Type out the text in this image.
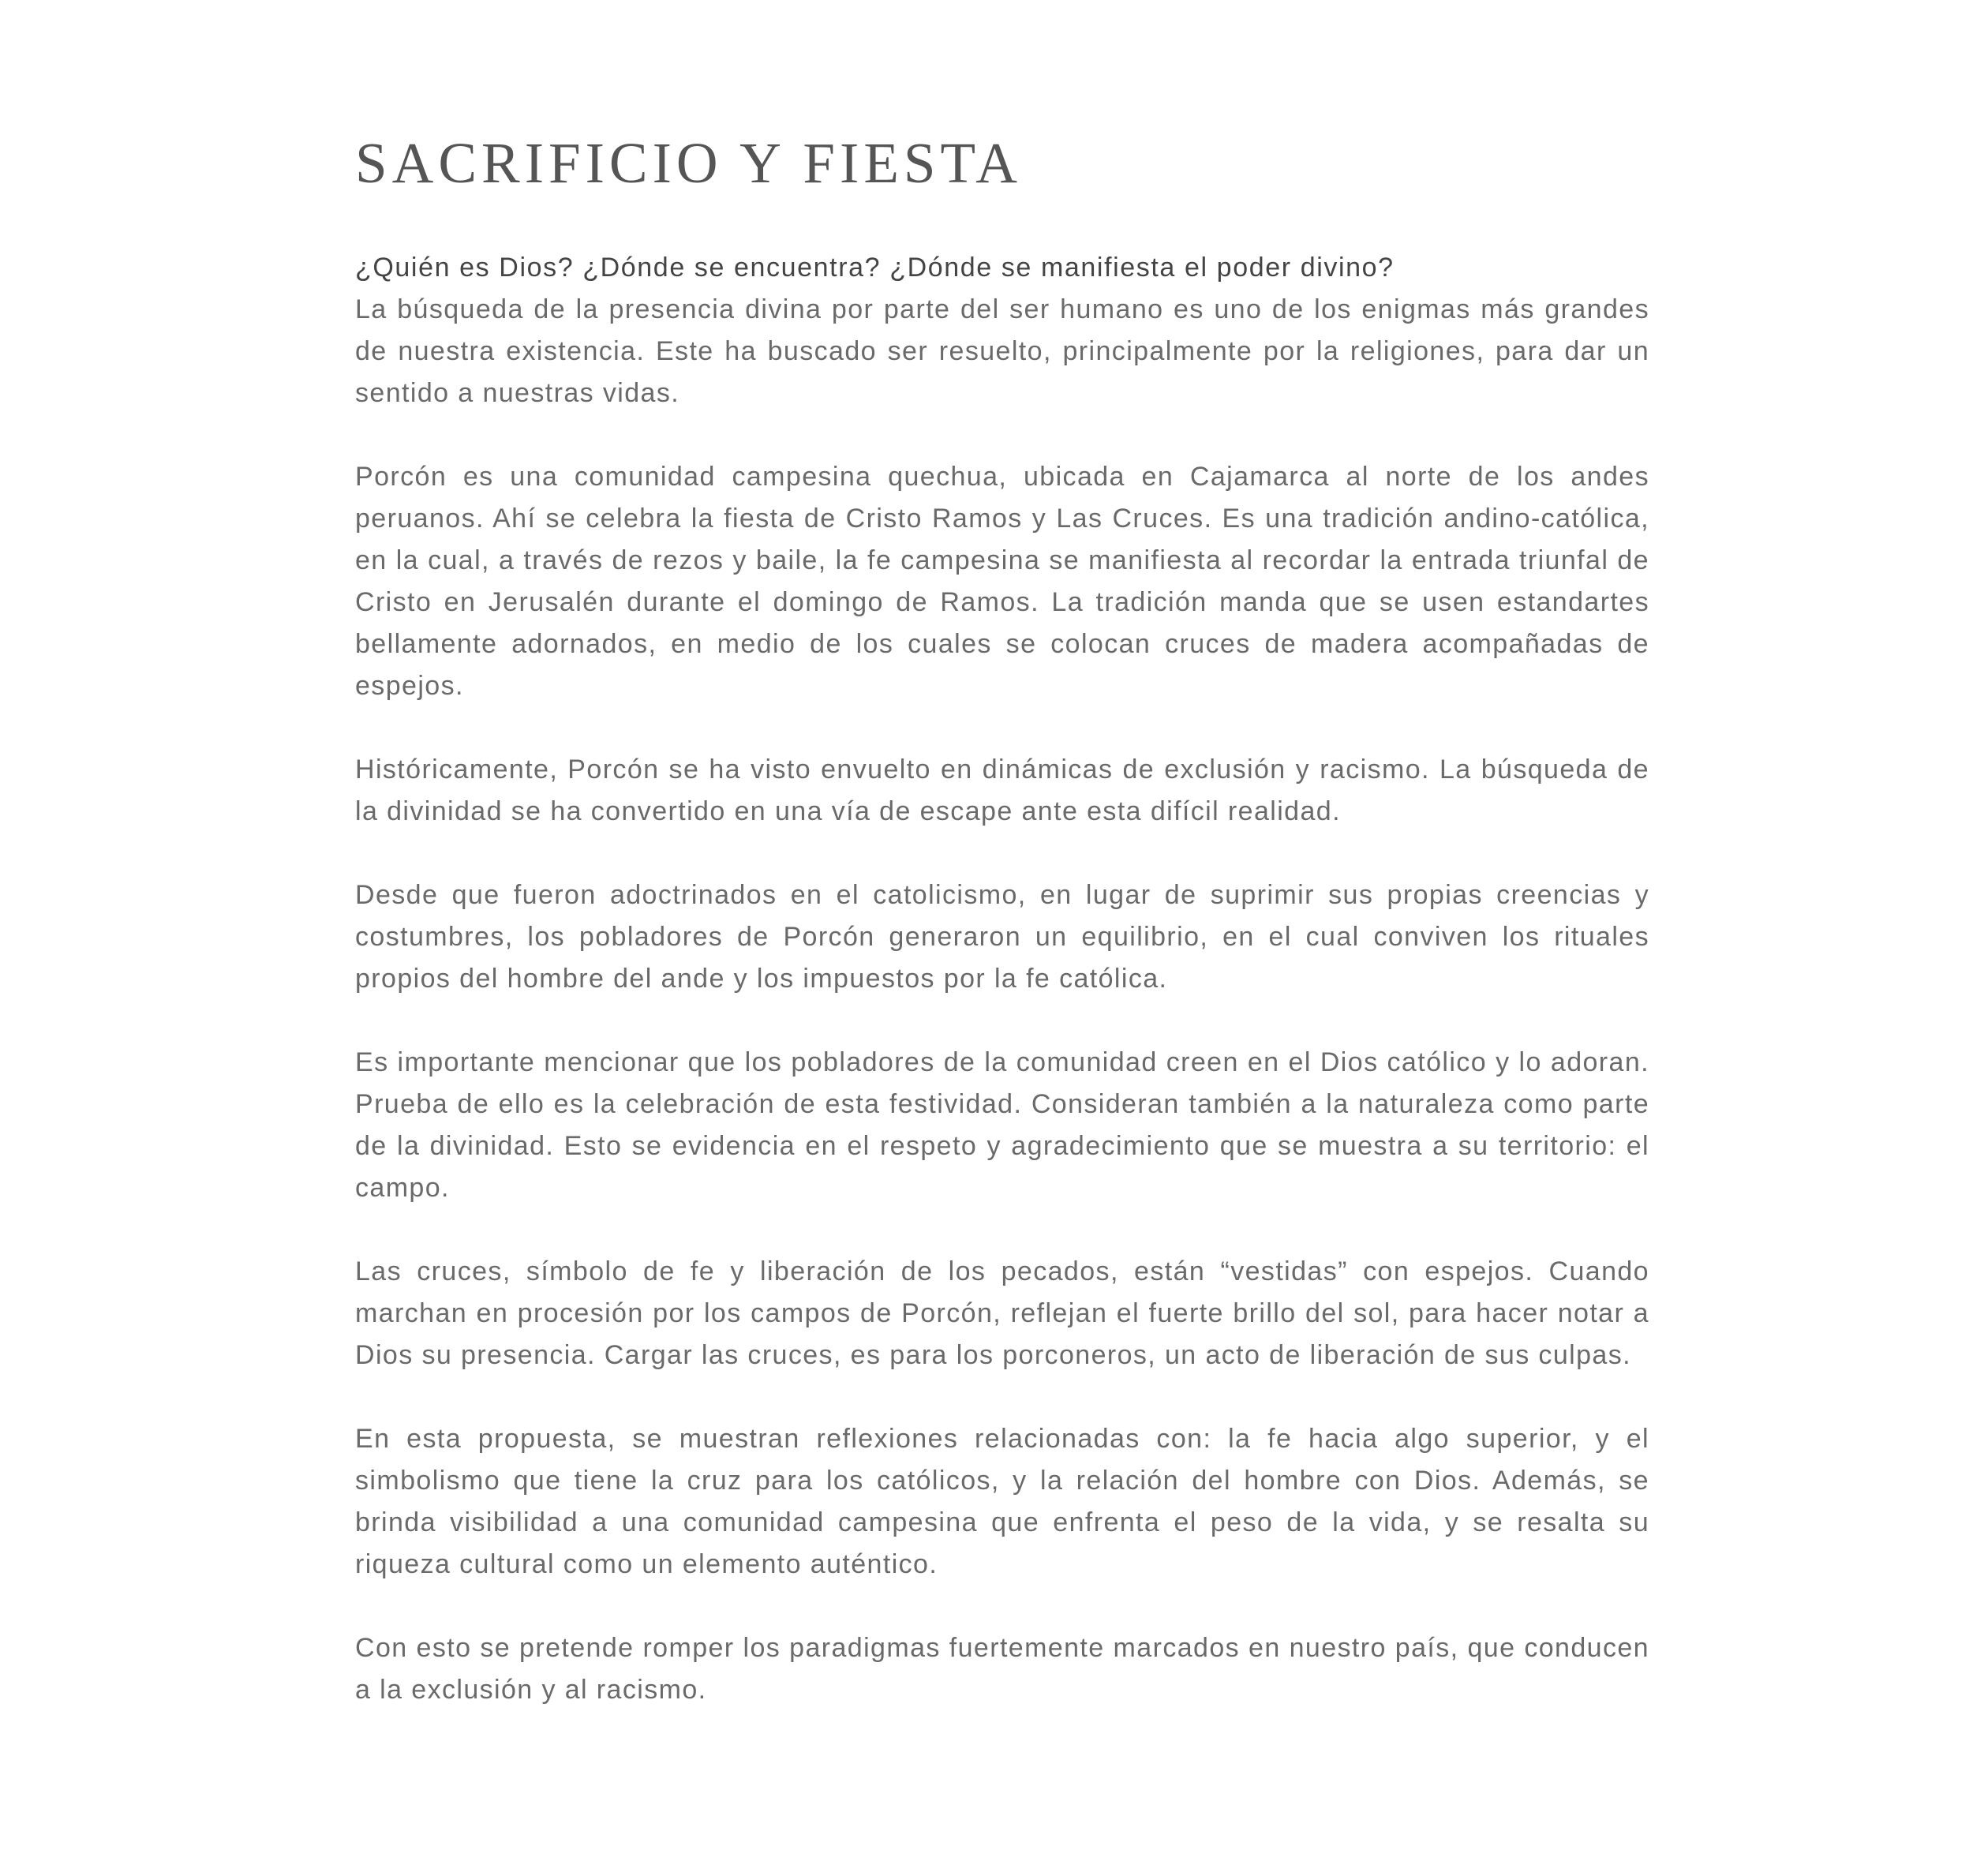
SACRIFICIO Y FIESTA

¿Quién es Dios? ¿Dónde se encuentra? ¿Dónde se manifiesta el poder divino?
La búsqueda de la presencia divina por parte del ser humano es uno de los enigmas más grandes de nuestra existencia. Este ha buscado ser resuelto, principalmente por la religiones, para dar un sentido a nuestras vidas.

Porcón es una comunidad campesina quechua, ubicada en Cajamarca al norte de los andes peruanos. Ahí se celebra la fiesta de Cristo Ramos y Las Cruces. Es una tradición andino-católica, en la cual, a través de rezos y baile, la fe campesina se manifiesta al recordar la entrada triunfal de Cristo en Jerusalén durante el domingo de Ramos. La tradición manda que se usen estandartes bellamente adornados, en medio de los cuales se colocan cruces de madera acompañadas de espejos.

Históricamente, Porcón se ha visto envuelto en dinámicas de exclusión y racismo. La búsqueda de la divinidad se ha convertido en una vía de escape ante esta difícil realidad.

Desde que fueron adoctrinados en el catolicismo, en lugar de suprimir sus propias creencias y costumbres, los pobladores de Porcón generaron un equilibrio, en el cual conviven los rituales propios del hombre del ande y los impuestos por la fe católica.

Es importante mencionar que los pobladores de la comunidad creen en el Dios católico y lo adoran. Prueba de ello es la celebración de esta festividad. Consideran también a la naturaleza como parte de la divinidad. Esto se evidencia en el respeto y agradecimiento que se muestra a su territorio: el campo.

Las cruces, símbolo de fe y liberación de los pecados, están “vestidas” con espejos. Cuando marchan en procesión por los campos de Porcón, reflejan el fuerte brillo del sol, para hacer notar a Dios su presencia. Cargar las cruces, es para los porconeros, un acto de liberación de sus culpas.

En esta propuesta, se muestran reflexiones relacionadas con: la fe hacia algo superior, y el simbolismo que tiene la cruz para los católicos, y la relación del hombre con Dios. Además, se brinda visibilidad a una comunidad campesina que enfrenta el peso de la vida, y se resalta su riqueza cultural como un elemento auténtico.

Con esto se pretende romper los paradigmas fuertemente marcados en nuestro país, que conducen a la exclusión y al racismo.
